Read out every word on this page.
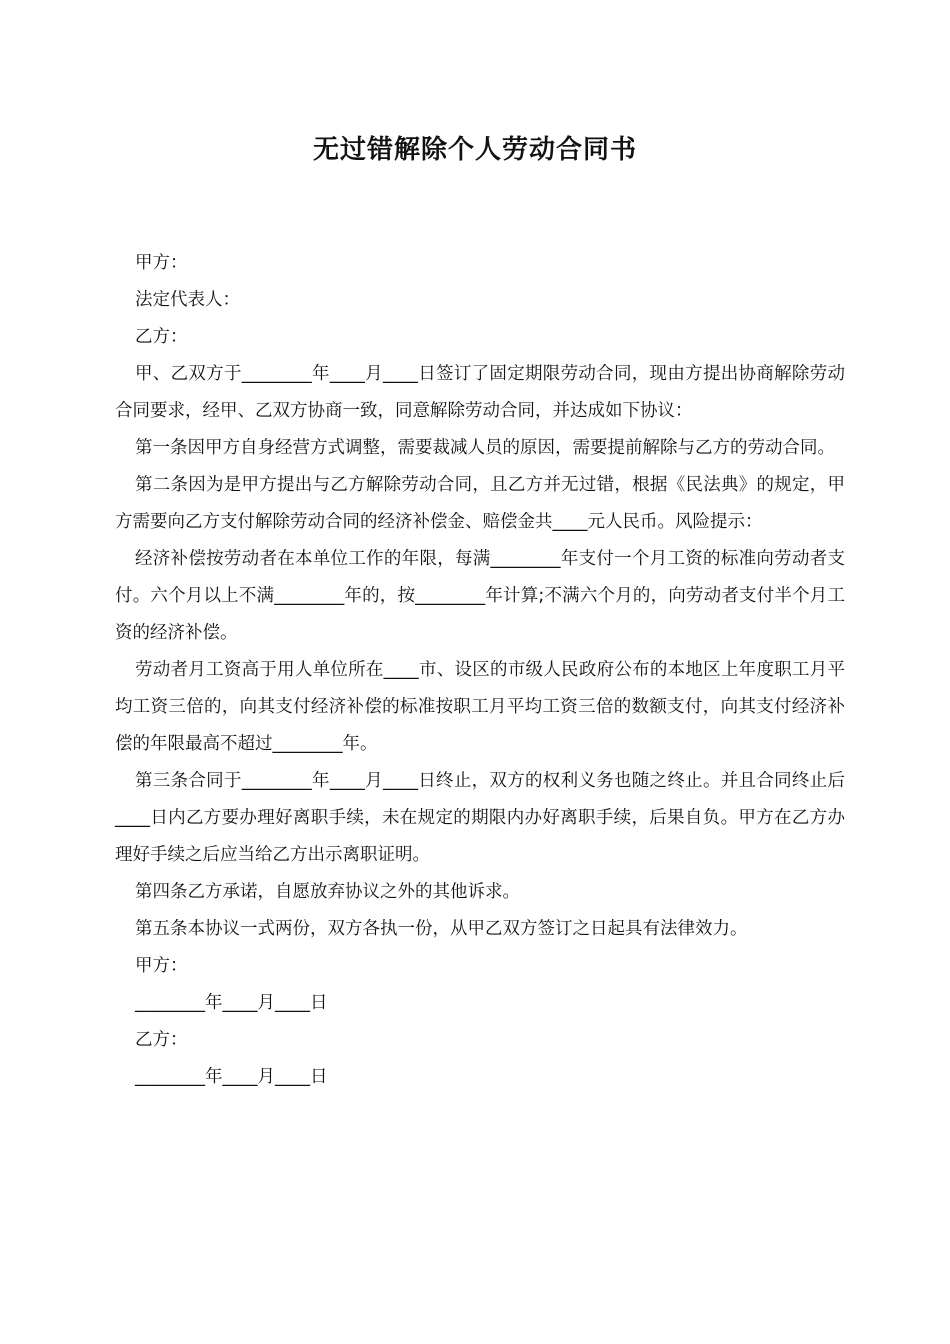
无过错解除个人劳动合同书

甲方：

法定代表人：

乙方：

甲、乙双方于________年____月____日签订了固定期限劳动合同，现由方提出协商解除劳动合同要求，经甲、乙双方协商一致，同意解除劳动合同，并达成如下协议：

第一条因甲方自身经营方式调整，需要裁减人员的原因，需要提前解除与乙方的劳动合同。

第二条因为是甲方提出与乙方解除劳动合同，且乙方并无过错，根据《民法典》的规定，甲方需要向乙方支付解除劳动合同的经济补偿金、赔偿金共____元人民币。风险提示：

经济补偿按劳动者在本单位工作的年限，每满________年支付一个月工资的标准向劳动者支付。六个月以上不满________年的，按________年计算;不满六个月的，向劳动者支付半个月工资的经济补偿。

劳动者月工资高于用人单位所在____市、设区的市级人民政府公布的本地区上年度职工月平均工资三倍的，向其支付经济补偿的标准按职工月平均工资三倍的数额支付，向其支付经济补偿的年限最高不超过________年。

第三条合同于________年____月____日终止，双方的权利义务也随之终止。并且合同终止后____日内乙方要办理好离职手续，未在规定的期限内办好离职手续，后果自负。甲方在乙方办理好手续之后应当给乙方出示离职证明。

第四条乙方承诺，自愿放弃协议之外的其他诉求。

第五条本协议一式两份，双方各执一份，从甲乙双方签订之日起具有法律效力。

甲方：

________年____月____日

乙方：

________年____月____日
